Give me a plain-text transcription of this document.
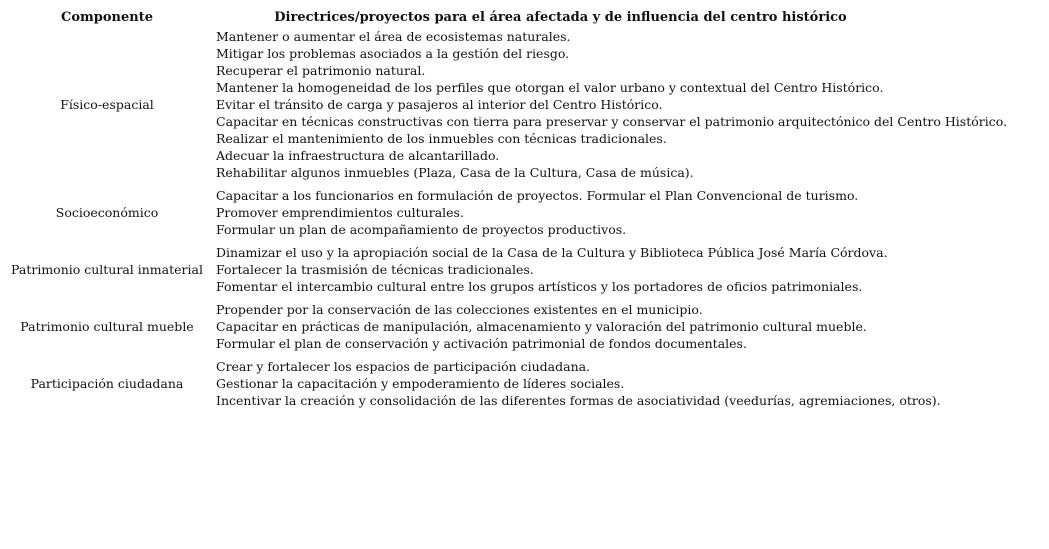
Componente	Directrices/proyectos para el área afectada y de influencia del centro histórico
Físico-espacial
Mantener o aumentar el área de ecosistemas naturales.
Mitigar los problemas asociados a la gestión del riesgo.
Recuperar el patrimonio natural.
Mantener la homogeneidad de los perfiles que otorgan el valor urbano y contextual del Centro Histórico.
Evitar el tránsito de carga y pasajeros al interior del Centro Histórico.
Capacitar en técnicas constructivas con tierra para preservar y conservar el patrimonio arquitectónico del Centro Histórico.
Realizar el mantenimiento de los inmuebles con técnicas tradicionales.
Adecuar la infraestructura de alcantarillado.
Rehabilitar algunos inmuebles (Plaza, Casa de la Cultura, Casa de música).
Socioeconómico
Capacitar a los funcionarios en formulación de proyectos. Formular el Plan Convencional de turismo.
Promover emprendimientos culturales.
Formular un plan de acompañamiento de proyectos productivos.
Patrimonio cultural inmaterial
Dinamizar el uso y la apropiación social de la Casa de la Cultura y Biblioteca Pública José María Córdova.
Fortalecer la trasmisión de técnicas tradicionales.
Fomentar el intercambio cultural entre los grupos artísticos y los portadores de oficios patrimoniales.
Patrimonio cultural mueble
Propender por la conservación de las colecciones existentes en el municipio.
Capacitar en prácticas de manipulación, almacenamiento y valoración del patrimonio cultural mueble.
Formular el plan de conservación y activación patrimonial de fondos documentales.
Participación ciudadana
Crear y fortalecer los espacios de participación ciudadana.
Gestionar la capacitación y empoderamiento de líderes sociales.
Incentivar la creación y consolidación de las diferentes formas de asociatividad (veedurías, agremiaciones, otros).
